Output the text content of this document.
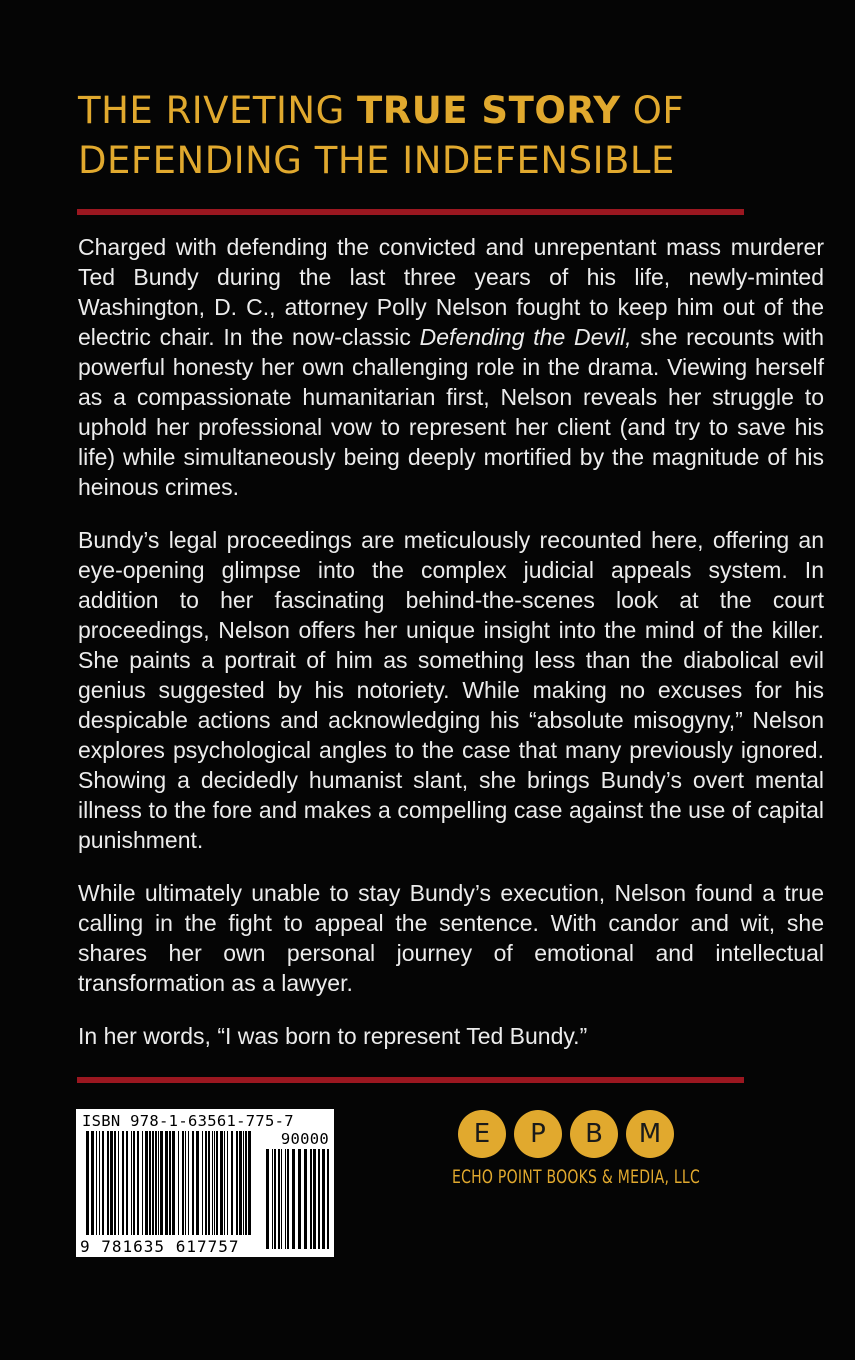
THE RIVETING TRUE STORY OF
DEFENDING THE INDEFENSIBLE

Charged with defending the convicted and unrepentant mass murderer Ted Bundy during the last three years of his life, newly-minted Washington, D. C., attorney Polly Nelson fought to keep him out of the electric chair. In the now-classic Defending the Devil, she recounts with powerful honesty her own challenging role in the drama. Viewing herself as a compassionate humanitarian first, Nelson reveals her struggle to uphold her professional vow to represent her client (and try to save his life) while simultaneously being deeply mortified by the magnitude of his heinous crimes.

Bundy’s legal proceedings are meticulously recounted here, offering an eye-opening glimpse into the complex judicial appeals system. In addition to her fascinating behind-the-scenes look at the court proceedings, Nelson offers her unique insight into the mind of the killer. She paints a portrait of him as something less than the diabolical evil genius suggested by his notoriety. While making no excuses for his despicable actions and acknowledging his “absolute misogyny,” Nelson explores psychological angles to the case that many previously ignored. Showing a decidedly humanist slant, she brings Bundy’s overt mental illness to the fore and makes a compelling case against the use of capital punishment.

While ultimately unable to stay Bundy’s execution, Nelson found a true calling in the fight to appeal the sentence. With candor and wit, she shares her own personal journey of emotional and intellectual transformation as a lawyer.

In her words, “I was born to represent Ted Bundy.”

ISBN 978-1-63561-775-7
90000
9 781635 617757
E	P	B	M
ECHO POINT BOOKS & MEDIA, LLC
